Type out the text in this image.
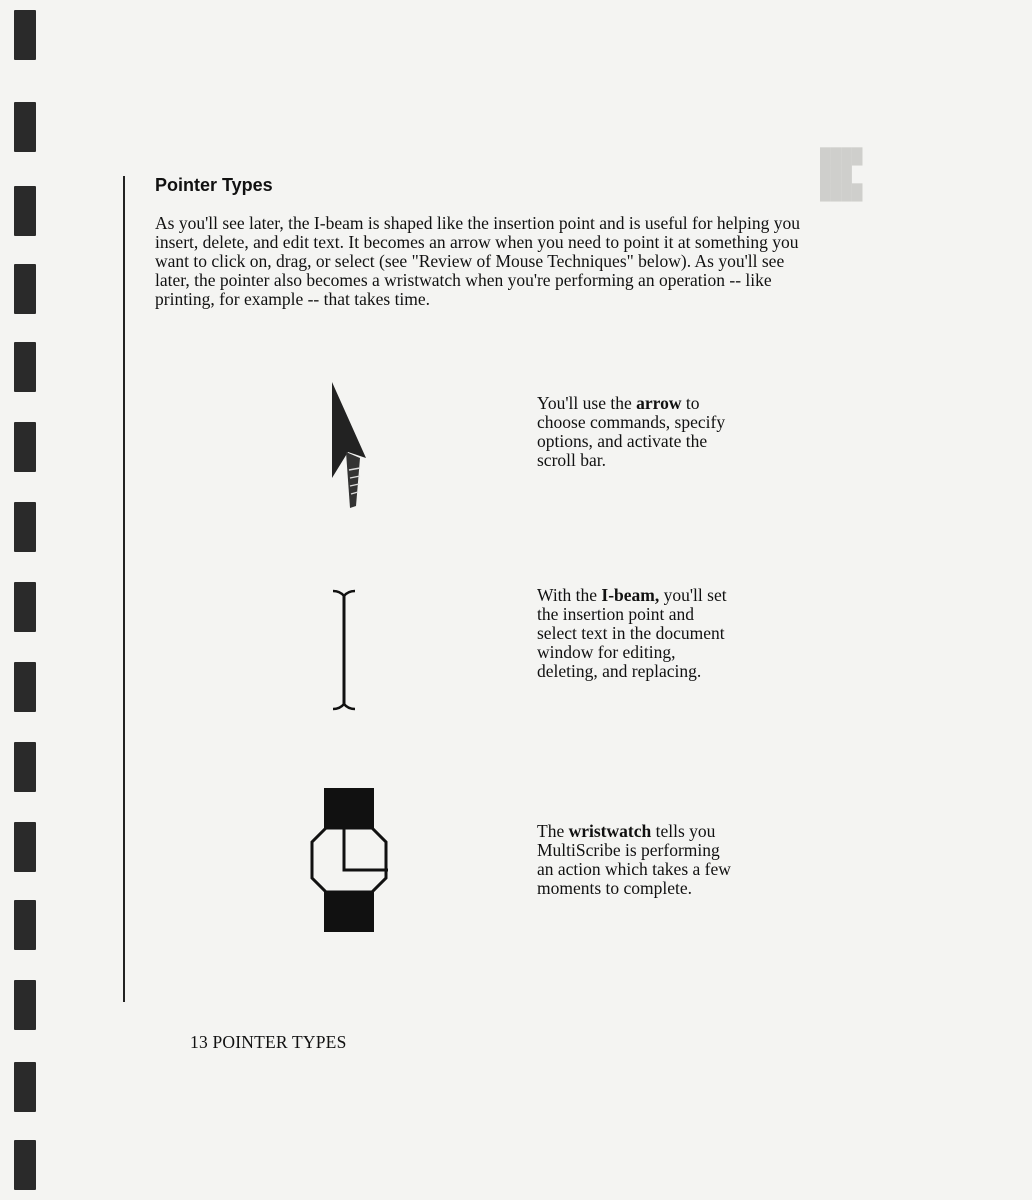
████
███
████
Pointer Types

As you'll see later, the I-beam is shaped like the insertion point and is useful for helping you insert, delete, and edit text. It becomes an arrow when you need to point it at something you want to click on, drag, or select (see "Review of Mouse Techniques" below). As you'll see later, the pointer also becomes a wristwatch when you're performing an operation -- like printing, for example -- that takes time.

You'll use the arrow to choose commands, specify options, and activate the scroll bar.

With the I-beam, you'll set the insertion point and select text in the document window for editing, deleting, and replacing.

The wristwatch tells you MultiScribe is performing an action which takes a few moments to complete.

13 POINTER TYPES
